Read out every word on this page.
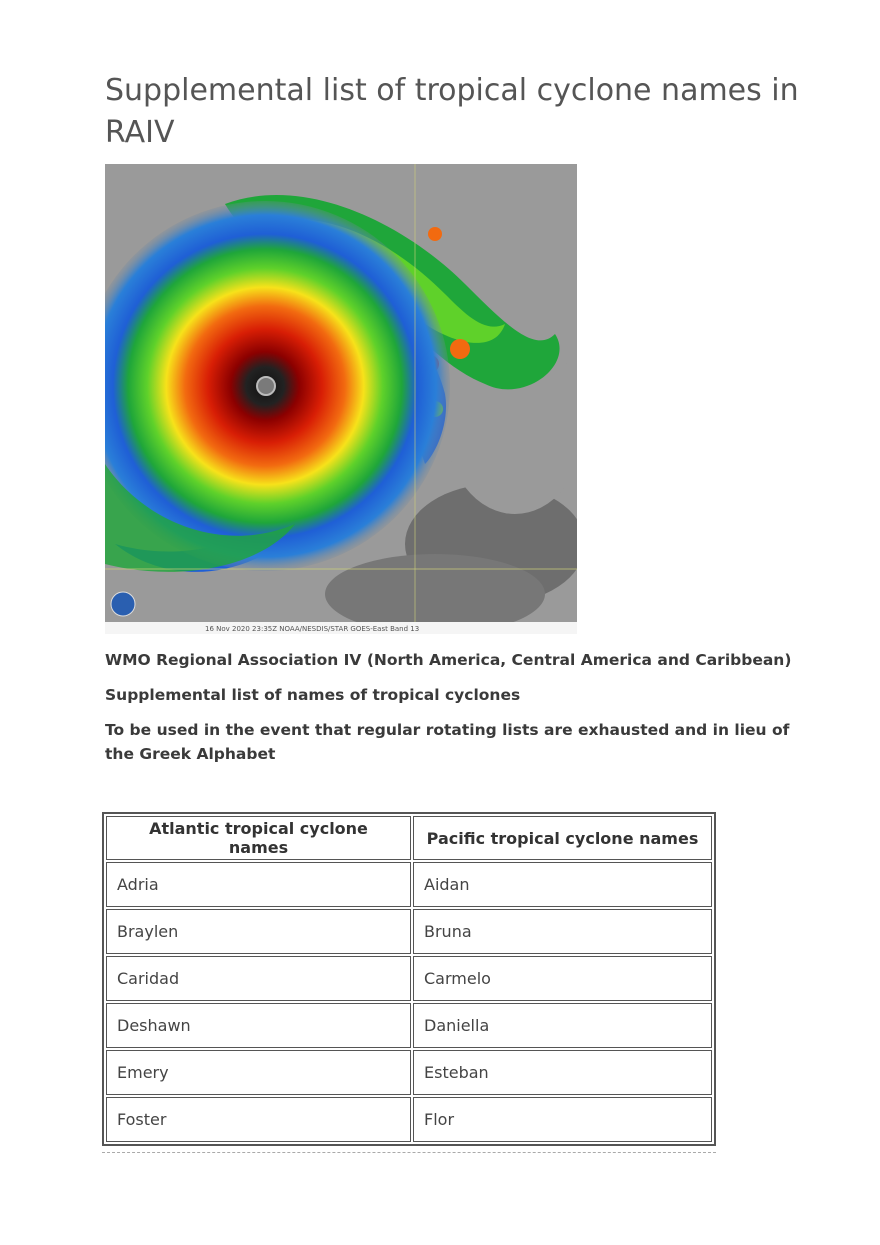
Supplemental list of tropical cyclone names in RAIV
16 Nov 2020 23:35Z NOAA/NESDIS/STAR GOES-East Band 13

WMO Regional Association IV (North America, Central America and Caribbean)

Supplemental list of names of tropical cyclones

To be used in the event that regular rotating lists are exhausted and in lieu of the Greek Alphabet

Atlantic tropical cyclone names	Pacific tropical cyclone names
Adria	Aidan
Braylen	Bruna
Caridad	Carmelo
Deshawn	Daniella
Emery	Esteban
Foster	Flor
